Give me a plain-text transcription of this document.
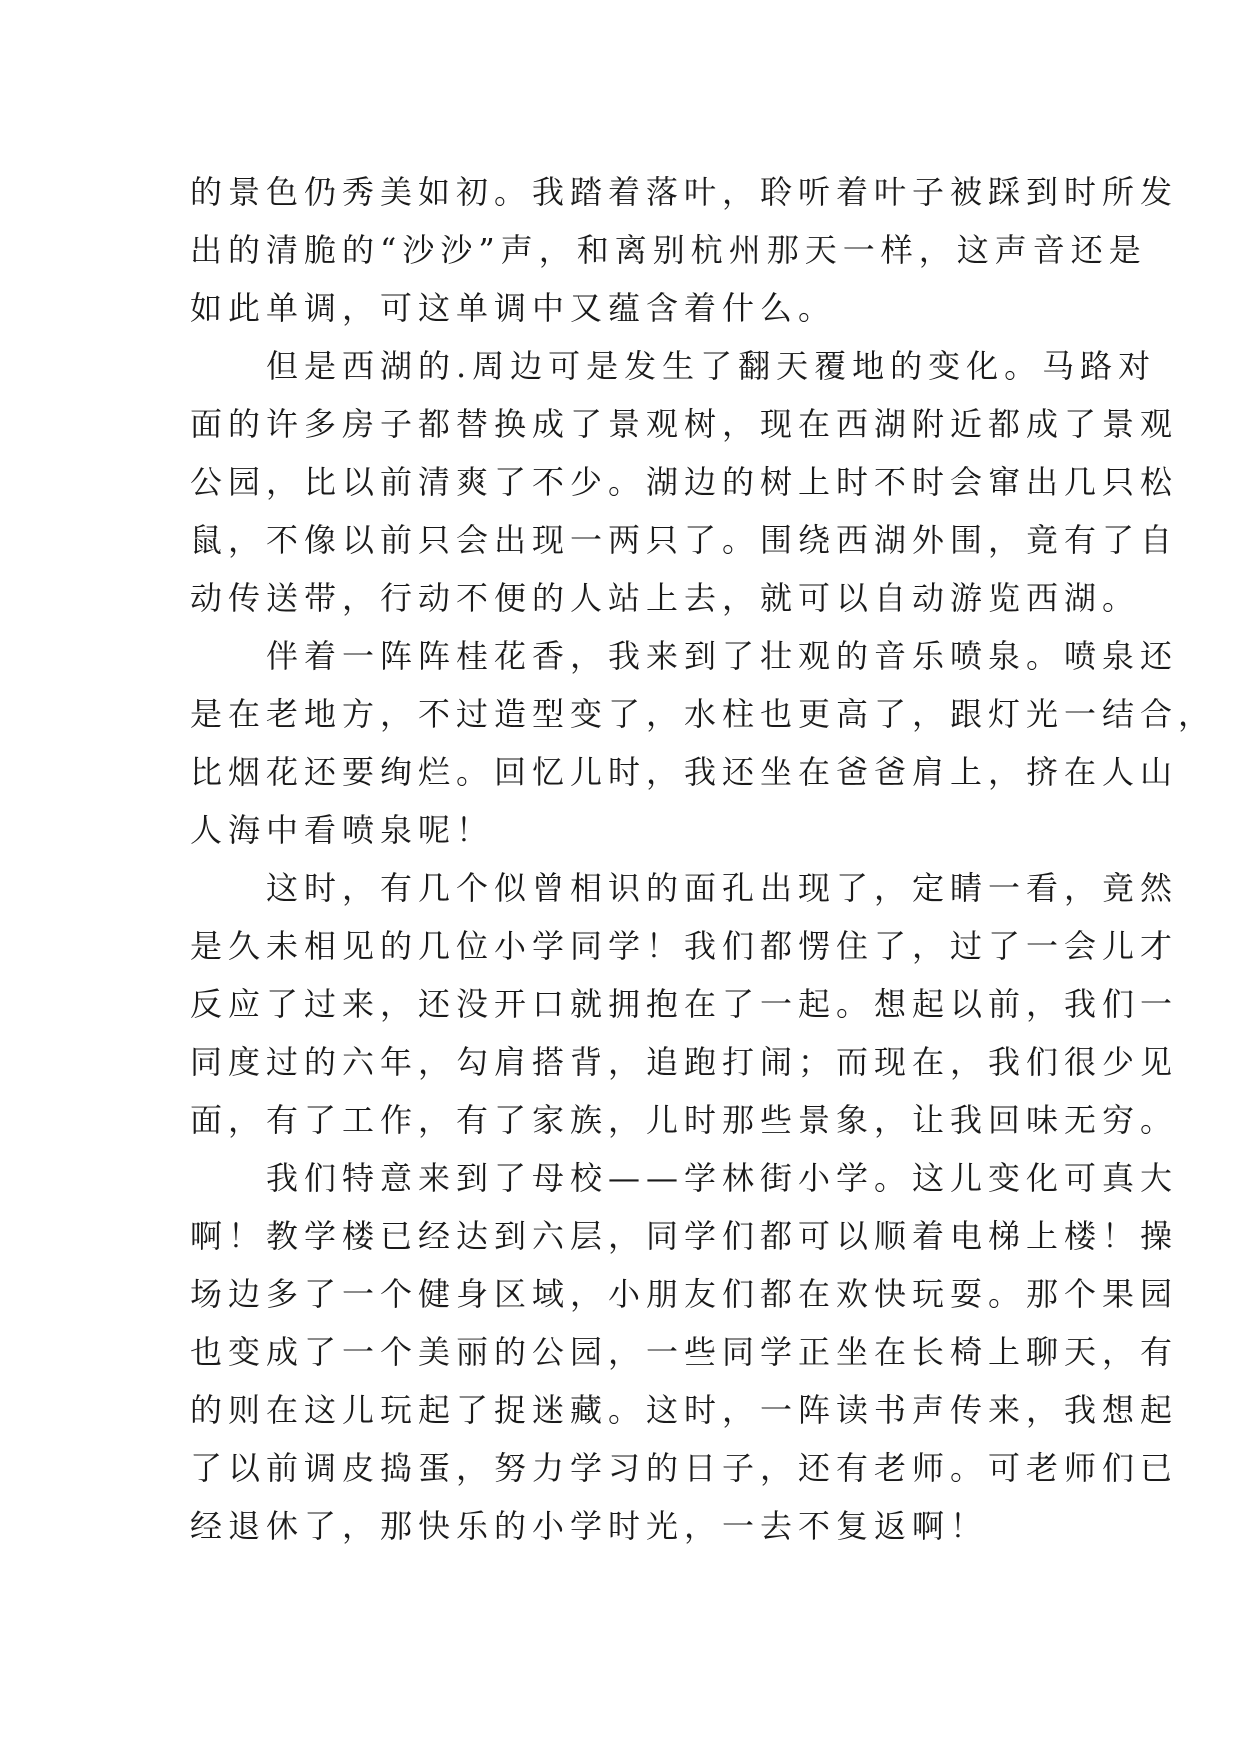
的景色仍秀美如初。我踏着落叶，聆听着叶子被踩到时所发
出的清脆的“沙沙”声，和离别杭州那天一样，这声音还是
如此单调，可这单调中又蕴含着什么。
　　但是西湖的.周边可是发生了翻天覆地的变化。马路对
面的许多房子都替换成了景观树，现在西湖附近都成了景观
公园，比以前清爽了不少。湖边的树上时不时会窜出几只松
鼠，不像以前只会出现一两只了。围绕西湖外围，竟有了自
动传送带，行动不便的人站上去，就可以自动游览西湖。
　　伴着一阵阵桂花香，我来到了壮观的音乐喷泉。喷泉还
是在老地方，不过造型变了，水柱也更高了，跟灯光一结合，
比烟花还要绚烂。回忆儿时，我还坐在爸爸肩上，挤在人山
人海中看喷泉呢！
　　这时，有几个似曾相识的面孔出现了，定睛一看，竟然
是久未相见的几位小学同学！我们都愣住了，过了一会儿才
反应了过来，还没开口就拥抱在了一起。想起以前，我们一
同度过的六年，勾肩搭背，追跑打闹；而现在，我们很少见
面，有了工作，有了家族，儿时那些景象，让我回味无穷。
　　我们特意来到了母校——学林街小学。这儿变化可真大
啊！教学楼已经达到六层，同学们都可以顺着电梯上楼！操
场边多了一个健身区域，小朋友们都在欢快玩耍。那个果园
也变成了一个美丽的公园，一些同学正坐在长椅上聊天，有
的则在这儿玩起了捉迷藏。这时，一阵读书声传来，我想起
了以前调皮捣蛋，努力学习的日子，还有老师。可老师们已
经退休了，那快乐的小学时光，一去不复返啊！
